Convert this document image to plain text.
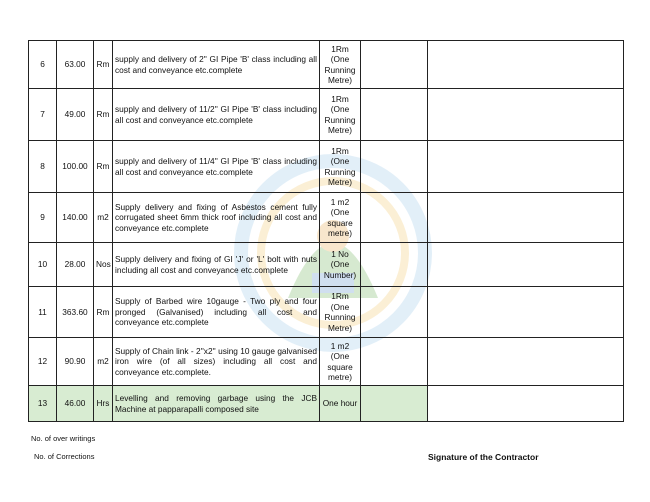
6	63.00	Rm	supply and delivery of 2'' GI Pipe 'B' class including all cost and conveyance etc.complete	1Rm (One Running Metre)		
7	49.00	Rm	supply and delivery of 11/2'' GI Pipe 'B' class including all cost and conveyance etc.complete	1Rm (One Running Metre)		
8	100.00	Rm	supply and delivery of 11/4'' GI Pipe 'B' class including all cost and conveyance etc.complete	1Rm (One Running Metre)		
9	140.00	m2	Supply delivery and fixing of Asbestos cement fully corrugated sheet 6mm thick roof including all cost and conveyance etc.complete	1 m2 (One square metre)		
10	28.00	Nos	Supply delivery and fixing of GI 'J' or 'L' bolt with nuts including all cost and conveyance etc.complete	1 No (One Number)		
11	363.60	Rm	Supply of Barbed wire 10gauge - Two ply and four pronged (Galvanised) including all cost and conveyance etc.complete	1Rm (One Running Metre)		
12	90.90	m2	Supply of Chain link - 2''x2'' using 10 gauge galvanised iron wire (of all sizes) including all cost and conveyance etc.complete.	1 m2 (One square metre)		
13	46.00	Hrs	Levelling and removing garbage using the JCB Machine at papparapalli composed site	One hour		
No. of over writings
No. of Corrections	Signature of the Contractor
